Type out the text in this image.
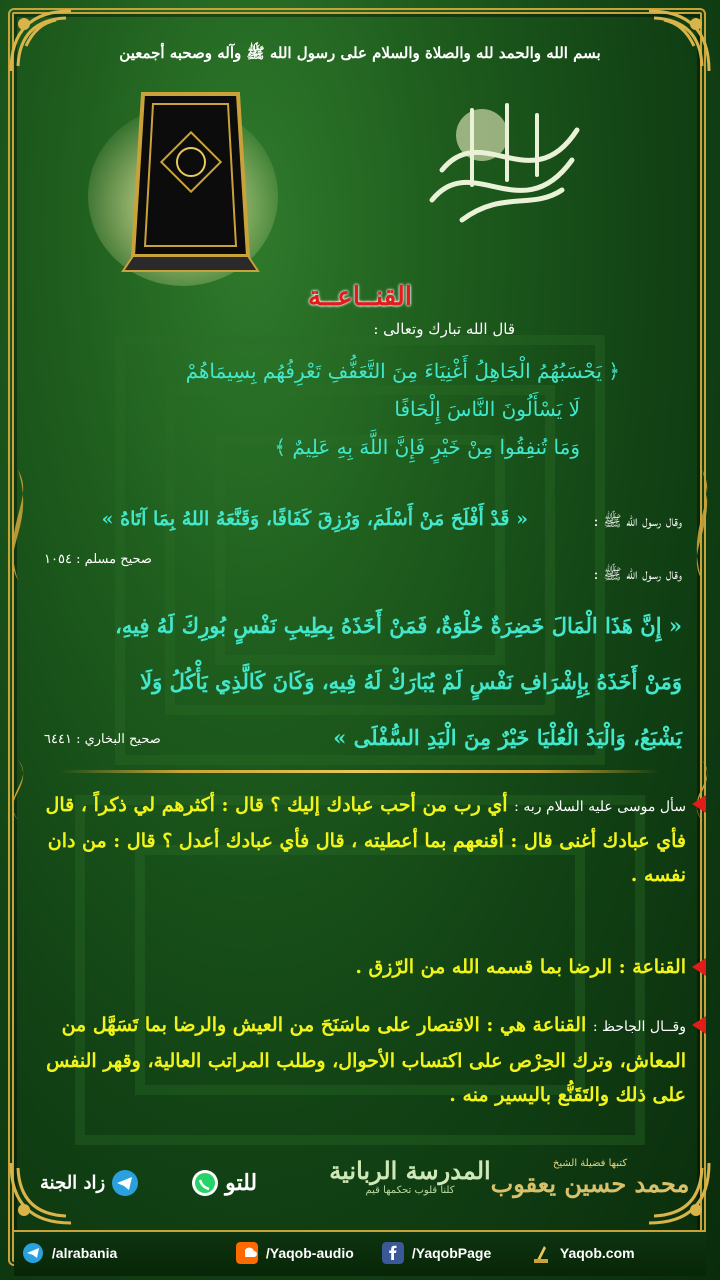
بسم الله والحمد لله والصلاة والسلام على رسول الله ﷺ وآله وصحبه أجمعين
القنــاعــة
قال الله تبارك وتعالى :
﴿ يَحْسَبُهُمُ الْجَاهِلُ أَغْنِيَاءَ مِنَ التَّعَفُّفِ تَعْرِفُهُم بِسِيمَاهُمْ
لَا يَسْأَلُونَ النَّاسَ إِلْحَافًا
وَمَا تُنفِقُوا مِنْ خَيْرٍ فَإِنَّ اللَّهَ بِهِ عَلِيمٌ ﴾
وقال رسول الله ﷺ :
« قَدْ أَفْلَحَ مَنْ أَسْلَمَ، وَرُزِقَ كَفَافًا، وَقَنَّعَهُ اللهُ بِمَا آتَاهُ »
صحيح مسلم : ١٠٥٤
وقال رسول الله ﷺ :
« إِنَّ هَذَا الْمَالَ خَضِرَةٌ حُلْوَةٌ، فَمَنْ أَخَذَهُ بِطِيبِ نَفْسٍ بُورِكَ لَهُ فِيهِ،
وَمَنْ أَخَذَهُ بِإِشْرَافِ نَفْسٍ لَمْ يُبَارَكْ لَهُ فِيهِ، وَكَانَ كَالَّذِي يَأْكُلُ وَلَا
يَشْبَعُ، وَالْيَدُ الْعُلْيَا خَيْرٌ مِنَ الْيَدِ السُّفْلَى »
صحيح البخاري : ٦٤٤١
سأل موسى عليه السلام ربه : أي رب من أحب عبادك إليك ؟ قال : أكثرهم لي ذكراً ، قال فأي عبادك أغنى قال : أقنعهم بما أعطيته ، قال فأي عبادك أعدل ؟ قال : من دان نفسه .
القناعة : الرضا بما قسمه الله من الرّزق .
وقــال الجاحظ : القناعة هي : الاقتصار على ماسَنَحَ من العيش والرضا بما تَسَهَّل من المعاش، وترك الحِرْص على اكتساب الأحوال، وطلب المراتب العالية، وقهر النفس على ذلك والتَقَنُّع باليسير منه .
كتبها فضيلة الشيخ
محمد حسين يعقوب
المدرسة الربانية
كلنا قلوب تحكمها قيم
للتو
زاد الجنة
/alrabania	/Yaqob-audio	/YaqobPage	Yaqob.com
